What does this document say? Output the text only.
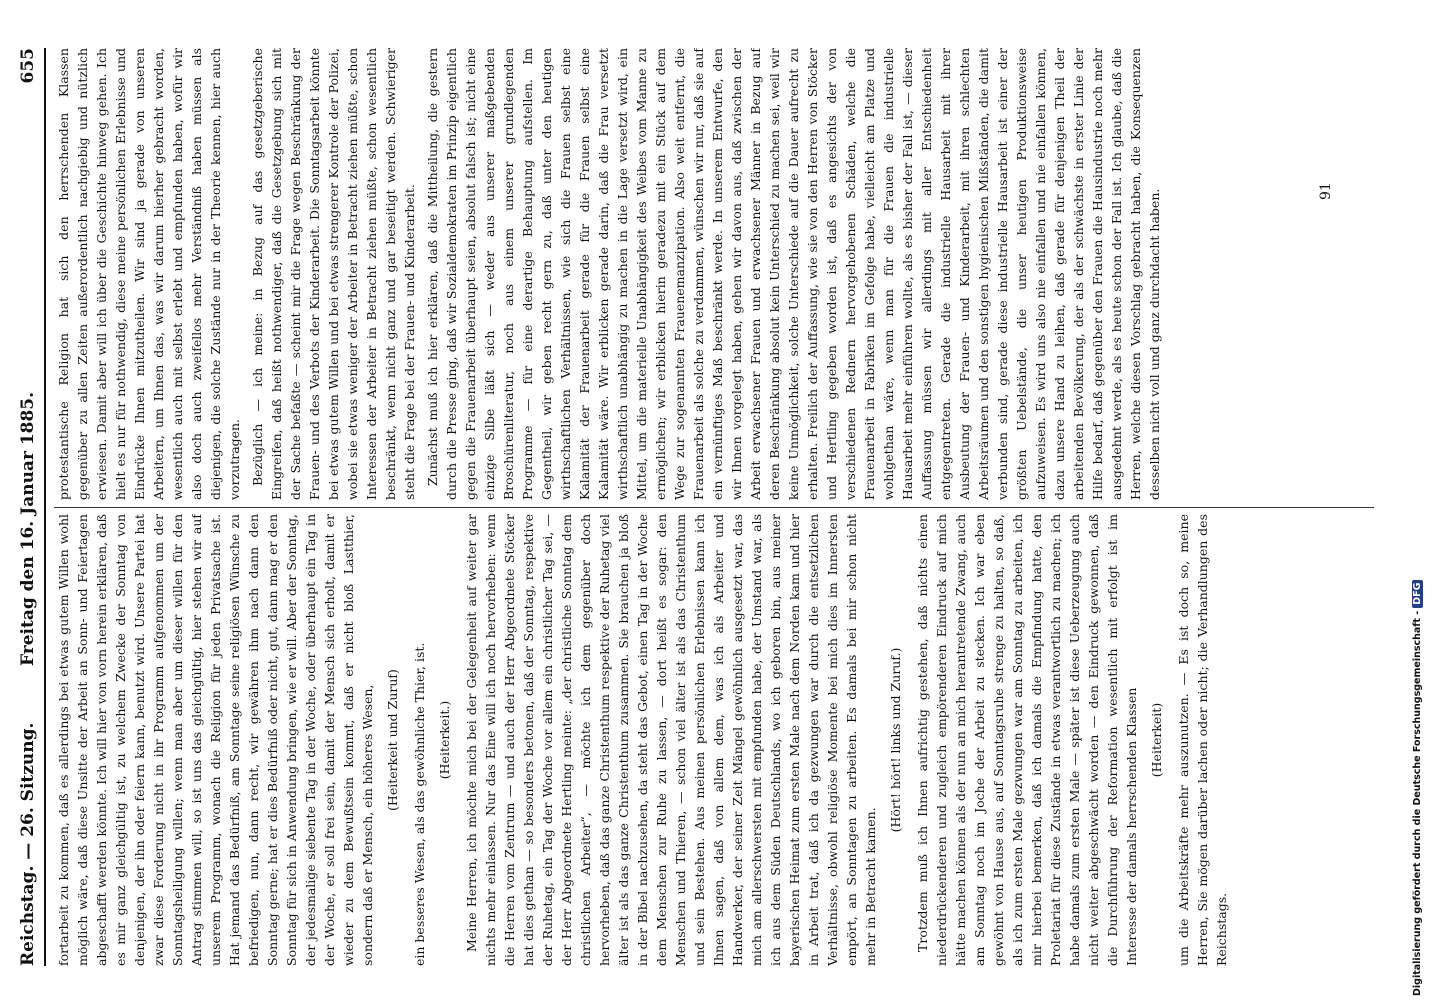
Reichstag. — 26. Sitzung.
Freitag den 16. Januar 1885.
655

fortarbeit zu kommen, daß es allerdings bei etwas gutem Willen wohl möglich wäre, daß diese Unsitte der Arbeit an Sonn- und Feiertagen abgeschafft werden könnte. Ich will hier von vorn herein erklären, daß es mir ganz gleichgültig ist, zu welchem Zwecke der Sonntag von denjenigen, der ihn oder feiern kann, benutzt wird. Unsere Partei hat zwar diese Forderung nicht in ihr Programm aufgenommen um der Sonntagsheiligung willen; wenn man aber um dieser willen für den Antrag stimmen will, so ist uns das gleichgültig, hier stehen wir auf unserem Programm, wonach die Religion für jeden Privatsache ist. Hat jemand das Bedürfniß, am Sonntage seine religiösen Wünsche zu befriedigen, nun, dann recht, wir gewähren ihm nach dann den Sonntag gerne; hat er dies Bedürfniß oder nicht, gut, dann mag er den Sonntag für sich in Anwendung bringen, wie er will. Aber der Sonntag, der jedesmalige siebente Tag in der Woche, oder überhaupt ein Tag in der Woche, er soll frei sein, damit der Mensch sich erholt, damit er wieder zu dem Bewußtsein kommt, daß er nicht bloß Lastthier, sondern daß er Mensch, ein höheres Wesen, (Heiterkeit und Zuruf) ein besseres Wesen, als das gewöhnliche Thier, ist. (Heiterkeit.) Meine Herren, ich möchte mich bei der Gelegenheit auf weiter gar nichts mehr einlassen. Nur das Eine will ich noch hervorheben: wenn die Herren vom Zentrum — und auch der Herr Abgeordnete Stöcker hat dies gethan — so besonders betonen, daß der Sonntag, respektive der Ruhetag, ein Tag der Woche vor allem ein christlicher Tag sei, — der Herr Abgeordnete Hertling meinte: „der christliche Sonntag dem christlichen Arbeiter“, — möchte ich dem gegenüber doch hervorheben, daß das ganze Christenthum respektive der Ruhetag viel älter ist als das ganze Christenthum zusammen. Sie brauchen ja bloß in der Bibel nachzusehen, da steht das Gebot, einen Tag in der Woche dem Menschen zur Ruhe zu lassen, — dort heißt es sogar: den Menschen und Thieren, — schon viel älter ist als das Christenthum und sein Bestehen. Aus meinen persönlichen Erlebnissen kann ich Ihnen sagen, daß von allem dem, was ich als Arbeiter und Handwerker, der seiner Zeit Mängel gewöhnlich ausgesetzt war, das mich am allerschwersten mit empfunden habe, der Umstand war, als ich aus dem Süden Deutschlands, wo ich geboren bin, aus meiner bayerischen Heimat zum ersten Male nach dem Norden kam und hier in Arbeit trat, daß ich da gezwungen war durch die entsetzlichen Verhältnisse, obwohl religiöse Momente bei mich dies im Innersten empört, an Sonntagen zu arbeiten. Es damals bei mir schon nicht mehr in Betracht kamen.

(Hört! hört! links und Zuruf.) Trotzdem muß ich Ihnen aufrichtig gestehen, daß nichts einen niederdrückenderen und zugleich empörenderen Eindruck auf mich hätte machen können als der nun an mich herantretende Zwang, auch am Sonntag noch im Joche der Arbeit zu stecken. Ich war eben gewöhnt von Hause aus, auf Sonntagsruhe strenge zu halten, so daß, als ich zum ersten Male gezwungen war am Sonntag zu arbeiten, ich mir hierbei bemerken, daß ich damals die Empfindung hatte, den Proletariat für diese Zustände in etwas verantwortlich zu machen; ich habe damals zum ersten Male — später ist diese Ueberzeugung auch nicht weiter abgeschwächt worden — den Eindruck gewonnen, daß die Durchführung der Reformation wesentlich mit erfolgt ist im Interesse der damals herrschenden Klassen (Heiterkeit) um die Arbeitskräfte mehr auszunutzen. — Es ist doch so, meine Herren, Sie mögen darüber lachen oder nicht; die Verhandlungen des Reichstags.

protestantische Religion hat sich den herrschenden Klassen gegenüber zu allen Zeiten außerordentlich nachgiebig und nützlich erwiesen. Damit aber will ich über die Geschichte hinweg gehen. Ich hielt es nur für nothwendig, diese meine persönlichen Erlebnisse und Eindrücke Ihnen mitzutheilen. Wir sind ja gerade von unseren Arbeitern, um Ihnen das, was wir darum hierher gebracht worden, wesentlich auch mit selbst erlebt und empfunden haben, wofür wir also doch auch zweifellos mehr Verständniß haben müssen als diejenigen, die solche Zustände nur in der Theorie kennen, hier auch vorzutragen. Bezüglich — ich meine: in Bezug auf das gesetzgeberische Eingreifen, daß heißt nothwendiger, daß die Gesetzgebung sich mit der Sache befaßte — scheint mir die Frage wegen Beschränkung der Frauen- und des Verbots der Kinderarbeit. Die Sonntagsarbeit könnte bei etwas gutem Willen und bei etwas strengerer Kontrole der Polizei, wobei sie etwas weniger der Arbeiter in Betracht ziehen müßte, schon Interessen der Arbeiter in Betracht ziehen müßte, schon wesentlich beschränkt, wenn nicht ganz und gar beseitigt werden. Schwieriger steht die Frage bei der Frauen- und Kinderarbeit. Zunächst muß ich hier erklären, daß die Mittheilung, die gestern durch die Presse ging, daß wir Sozialdemokraten im Prinzip eigentlich gegen die Frauenarbeit überhaupt seien, absolut falsch ist; nicht eine einzige Silbe läßt sich — weder aus unserer maßgebenden Broschürenliteratur, noch aus einem unserer grundlegenden Programme — für eine derartige Behauptung aufstellen. Im Gegentheil, wir geben recht gern zu, daß unter den heutigen wirthschaftlichen Verhältnissen, wie sich die Frauen selbst eine Kalamität der Frauenarbeit gerade für die Frauen selbst eine Kalamität wäre. Wir erblicken gerade darin, daß die Frau versetzt wirthschaftlich unabhängig zu machen in die Lage versetzt wird, ein Mittel, um die materielle Unabhängigkeit des Weibes vom Manne zu ermöglichen; wir erblicken hierin geradezu mit ein Stück auf dem Wege zur sogenannten Frauenemanzipation. Also weit entfernt, die Frauenarbeit als solche zu verdammen, wünschen wir nur, daß sie auf ein vernünftiges Maß beschränkt werde. In unserem Entwurfe, den wir Ihnen vorgelegt haben, gehen wir davon aus, daß zwischen der Arbeit erwachsener Frauen und erwachsener Männer in Bezug auf deren Beschränkung absolut kein Unterschied zu machen sei, weil wir keine Unmöglichkeit, solche Unterschiede auf die Dauer aufrecht zu erhalten. Freilich der Auffassung, wie sie von den Herren von Stöcker und Hertling gegeben worden ist, daß es angesichts der von verschiedenen Rednern hervorgehobenen Schäden, welche die Frauenarbeit in Fabriken im Gefolge habe, vielleicht am Platze und wohlgethan wäre, wenn man für die Frauen die industrielle Hausarbeit mehr einführen wollte, als es bisher der Fall ist, — dieser Auffassung müssen wir allerdings mit aller Entschiedenheit entgegentreten. Gerade die industrielle Hausarbeit mit ihrer Ausbeutung der Frauen- und Kinderarbeit, mit ihren schlechten Arbeitsräumen und den sonstigen hygienischen Mißständen, die damit verbunden sind, gerade diese industrielle Hausarbeit ist einer der größten Uebelstände, die unser heutigen Produktionsweise aufzuweisen. Es wird uns also nie einfallen und nie einfallen können, dazu unsere Hand zu leihen, daß gerade für denjenigen Theil der arbeitenden Bevölkerung, der als der schwächste in erster Linie der Hilfe bedarf, daß gegenüber den Frauen die Hausindustrie noch mehr ausgedehnt werde, als es heute schon der Fall ist. Ich glaube, daß die Herren, welche diesen Vorschlag gebracht haben, die Konsequenzen desselben nicht voll und ganz durchdacht haben.	91
Digitalisierung gefördert durch die Deutsche Forschungsgemeinschaft -DFG
